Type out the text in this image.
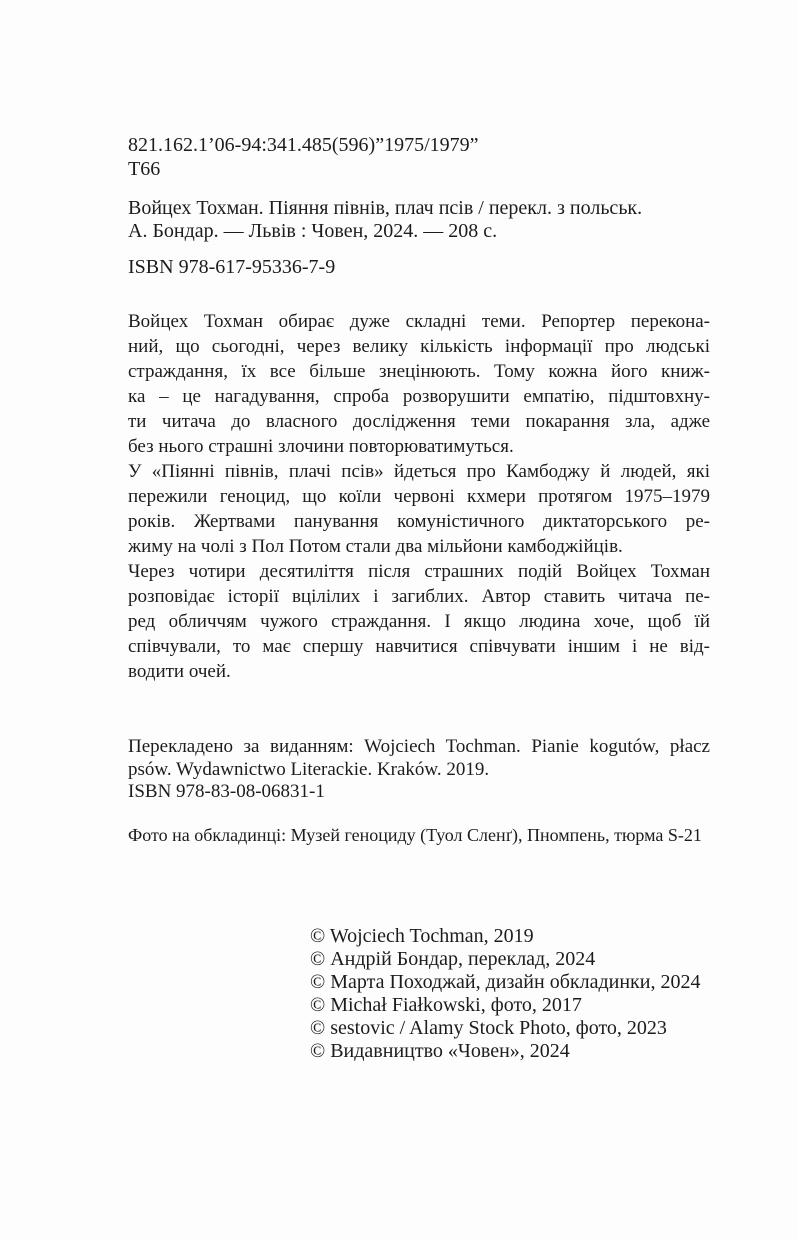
821.162.1’06-94:341.485(596)”1975/1979”
Т66
Войцех Тохман. Піяння півнів, плач псів / перекл. з польськ.
А. Бондар. — Львів : Човен, 2024. — 208 с.
ISBN 978-617-95336-7-9
Войцех Тохман обирає дуже складні теми. Репортер перекона-
ний, що сьогодні, через велику кількість інформації про людські
страждання, їх все більше знецінюють. Тому кожна його книж-
ка – це нагадування, спроба розворушити емпатію, підштовхну-
ти читача до власного дослідження теми покарання зла, адже
без нього страшні злочини повторюватимуться.
У «Піянні півнів, плачі псів» йдеться про Камбоджу й людей, які
пережили геноцид, що коїли червоні кхмери протягом 1975–1979
років. Жертвами панування комуністичного диктаторського ре-
жиму на чолі з Пол Потом стали два мільйони камбоджійців.
Через чотири десятиліття після страшних подій Войцех Тохман
розповідає історії вцілілих і загиблих. Автор ставить читача пе-
ред обличчям чужого страждання. І якщо людина хоче, щоб їй
співчували, то має спершу навчитися співчувати іншим і не від-
водити очей.
Перекладено за виданням: Wojciech Tochman. Pianie kogutów, płacz
psów. Wydawnictwo Literackie. Kraków. 2019.
ISBN 978-83-08-06831-1
Фото на обкладинці: Музей геноциду (Туол Сленґ), Пномпень, тюрма S-21
© Wojciech Tochman, 2019
© Андрій Бондар, переклад, 2024
© Марта Походжай, дизайн обкладинки, 2024
© Michał Fiałkowski, фото, 2017
© sestovic / Alamy Stock Photo, фото, 2023
© Видавництво «Човен», 2024
